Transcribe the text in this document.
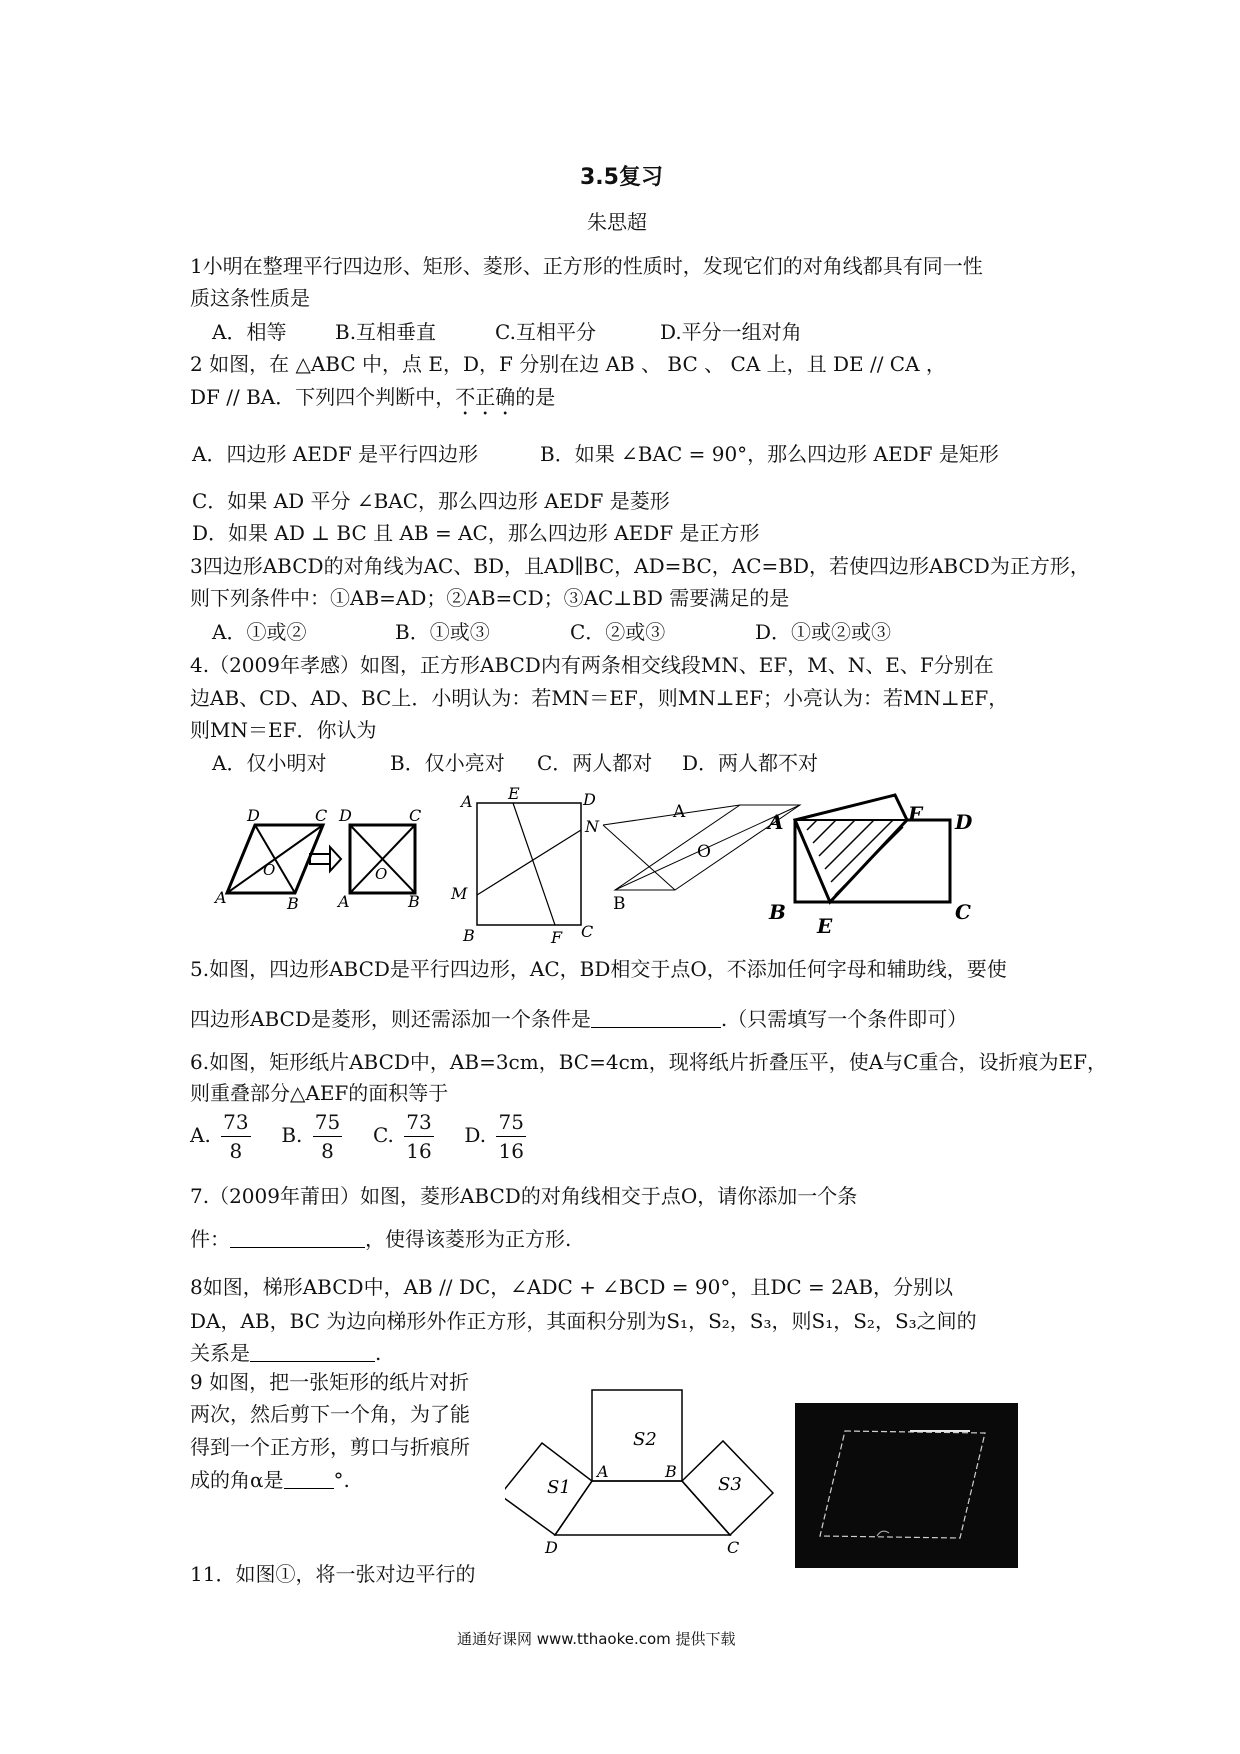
3.5复习
朱思超
1小明在整理平行四边形、矩形、菱形、正方形的性质时，发现它们的对角线都具有同一性
质这条性质是
A．相等 B.互相垂直	C.互相平分	D.平分一组对角
2 如图，在 △ABC 中，点 E，D，F 分别在边 AB 、 BC 、 CA 上，且 DE // CA ，
DF // BA．下列四个判断中，不正确的是
A．四边形 AEDF 是平行四边形	B．如果 ∠BAC = 90°，那么四边形 AEDF 是矩形
C．如果 AD 平分 ∠BAC，那么四边形 AEDF 是菱形
D．如果 AD ⊥ BC 且 AB = AC，那么四边形 AEDF 是正方形
3四边形ABCD的对角线为AC、BD，且AD∥BC，AD=BC，AC=BD，若使四边形ABCD为正方形，
则下列条件中：①AB=AD；②AB=CD；③AC⊥BD 需要满足的是
A．①或②	B．①或③	C．②或③	D．①或②或③
4.（2009年孝感）如图，正方形ABCD内有两条相交线段MN、EF，M、N、E、F分别在
边AB、CD、AD、BC上．小明认为：若MN＝EF，则MN⊥EF；小亮认为：若MN⊥EF，
则MN＝EF．你认为
A．仅小明对	B．仅小亮对 C．两人都对 D．两人都不对
D	C
A	B
O
D	C
A	B
O
A E	D
N
M
B	F C
A
O
B
A	F D
B
E
C
5.如图，四边形ABCD是平行四边形，AC，BD相交于点O，不添加任何字母和辅助线，要使
四边形ABCD是菱形，则还需添加一个条件是	.（只需填写一个条件即可）
6.如图，矩形纸片ABCD中，AB=3cm，BC=4cm，现将纸片折叠压平，使A与C重合，设折痕为EF，
则重叠部分△AEF的面积等于
A. $\frac{73}{8} B$. $\frac{75}{8} C$. $\frac{73}{16} D$. $\frac{75}{16}$
7.（2009年莆田）如图，菱形ABCD的对角线相交于点O，请你添加一个条
件：	，使得该菱形为正方形.
8如图，梯形ABCD中，AB // DC，∠ADC + ∠BCD = 90°，且DC = 2AB，分别以
DA，AB，BC 为边向梯形外作正方形，其面积分别为S₁，S₂，S₃，则S₁，S₂，S₃之间的
关系是	.
9 如图，把一张矩形的纸片对折
两次，然后剪下一个角，为了能
得到一个正方形，剪口与折痕所
成的角α是	°.
S2
S1	S3
A	B
D	C
11．如图①，将一张对边平行的
通通好课网 www.tthaoke.com 提供下载
